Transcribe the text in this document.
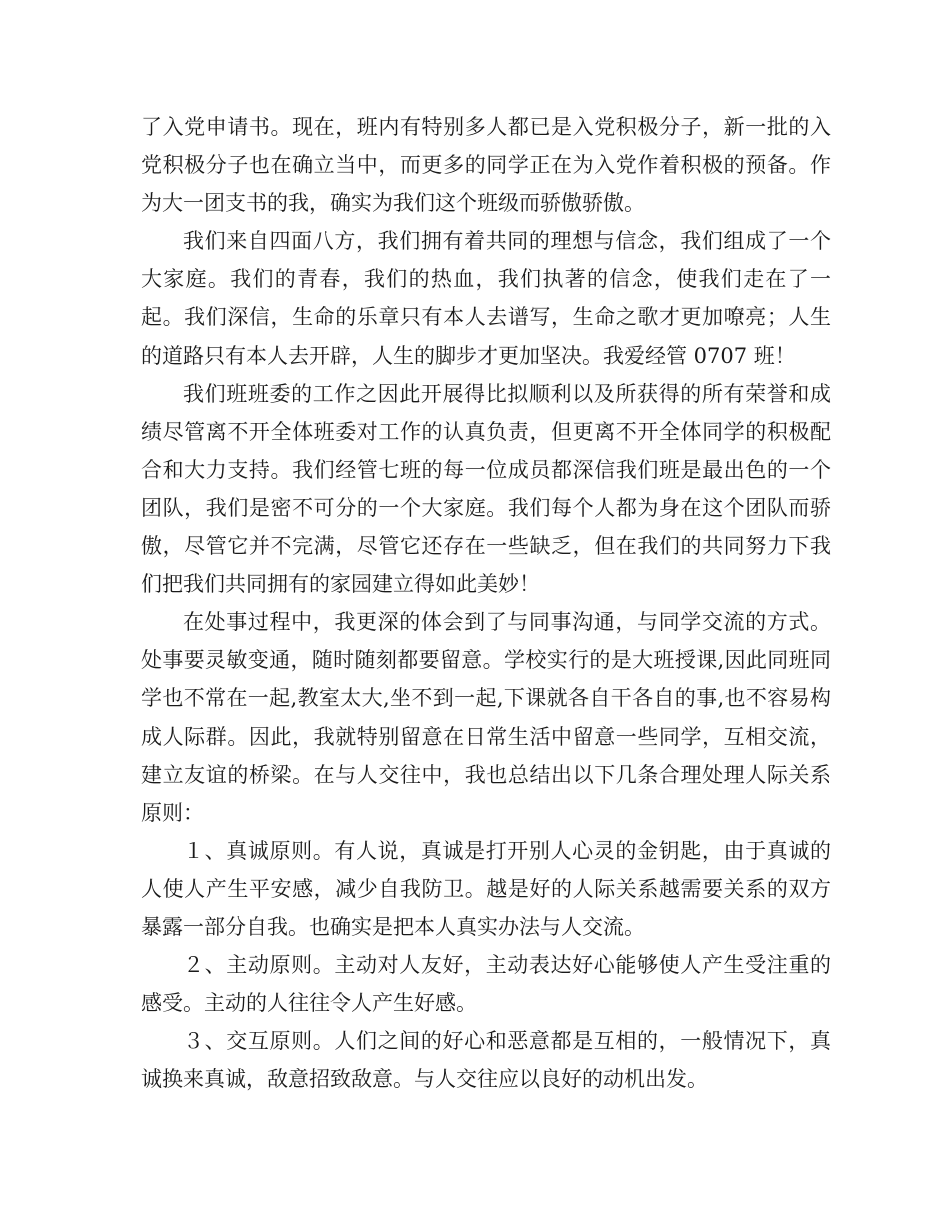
了入党申请书。现在，班内有特别多人都已是入党积极分子，新一批的入党积极分子也在确立当中，而更多的同学正在为入党作着积极的预备。作为大一团支书的我，确实为我们这个班级而骄傲骄傲。

我们来自四面八方，我们拥有着共同的理想与信念，我们组成了一个大家庭。我们的青春，我们的热血，我们执著的信念，使我们走在了一起。我们深信，生命的乐章只有本人去谱写，生命之歌才更加嘹亮；人生的道路只有本人去开辟，人生的脚步才更加坚决。我爱经管 0707 班！

我们班班委的工作之因此开展得比拟顺利以及所获得的所有荣誉和成绩尽管离不开全体班委对工作的认真负责，但更离不开全体同学的积极配合和大力支持。我们经管七班的每一位成员都深信我们班是最出色的一个团队，我们是密不可分的一个大家庭。我们每个人都为身在这个团队而骄傲，尽管它并不完满，尽管它还存在一些缺乏，但在我们的共同努力下我们把我们共同拥有的家园建立得如此美妙！

在处事过程中，我更深的体会到了与同事沟通，与同学交流的方式。处事要灵敏变通，随时随刻都要留意。学校实行的是大班授课,因此同班同学也不常在一起,教室太大,坐不到一起,下课就各自干各自的事,也不容易构成人际群。因此，我就特别留意在日常生活中留意一些同学，互相交流，建立友谊的桥梁。在与人交往中，我也总结出以下几条合理处理人际关系原则：

１、真诚原则。有人说，真诚是打开别人心灵的金钥匙，由于真诚的人使人产生平安感，减少自我防卫。越是好的人际关系越需要关系的双方暴露一部分自我。也确实是把本人真实办法与人交流。

２、主动原则。主动对人友好，主动表达好心能够使人产生受注重的感受。主动的人往往令人产生好感。

３、交互原则。人们之间的好心和恶意都是互相的，一般情况下，真诚换来真诚，敌意招致敌意。与人交往应以良好的动机出发。
